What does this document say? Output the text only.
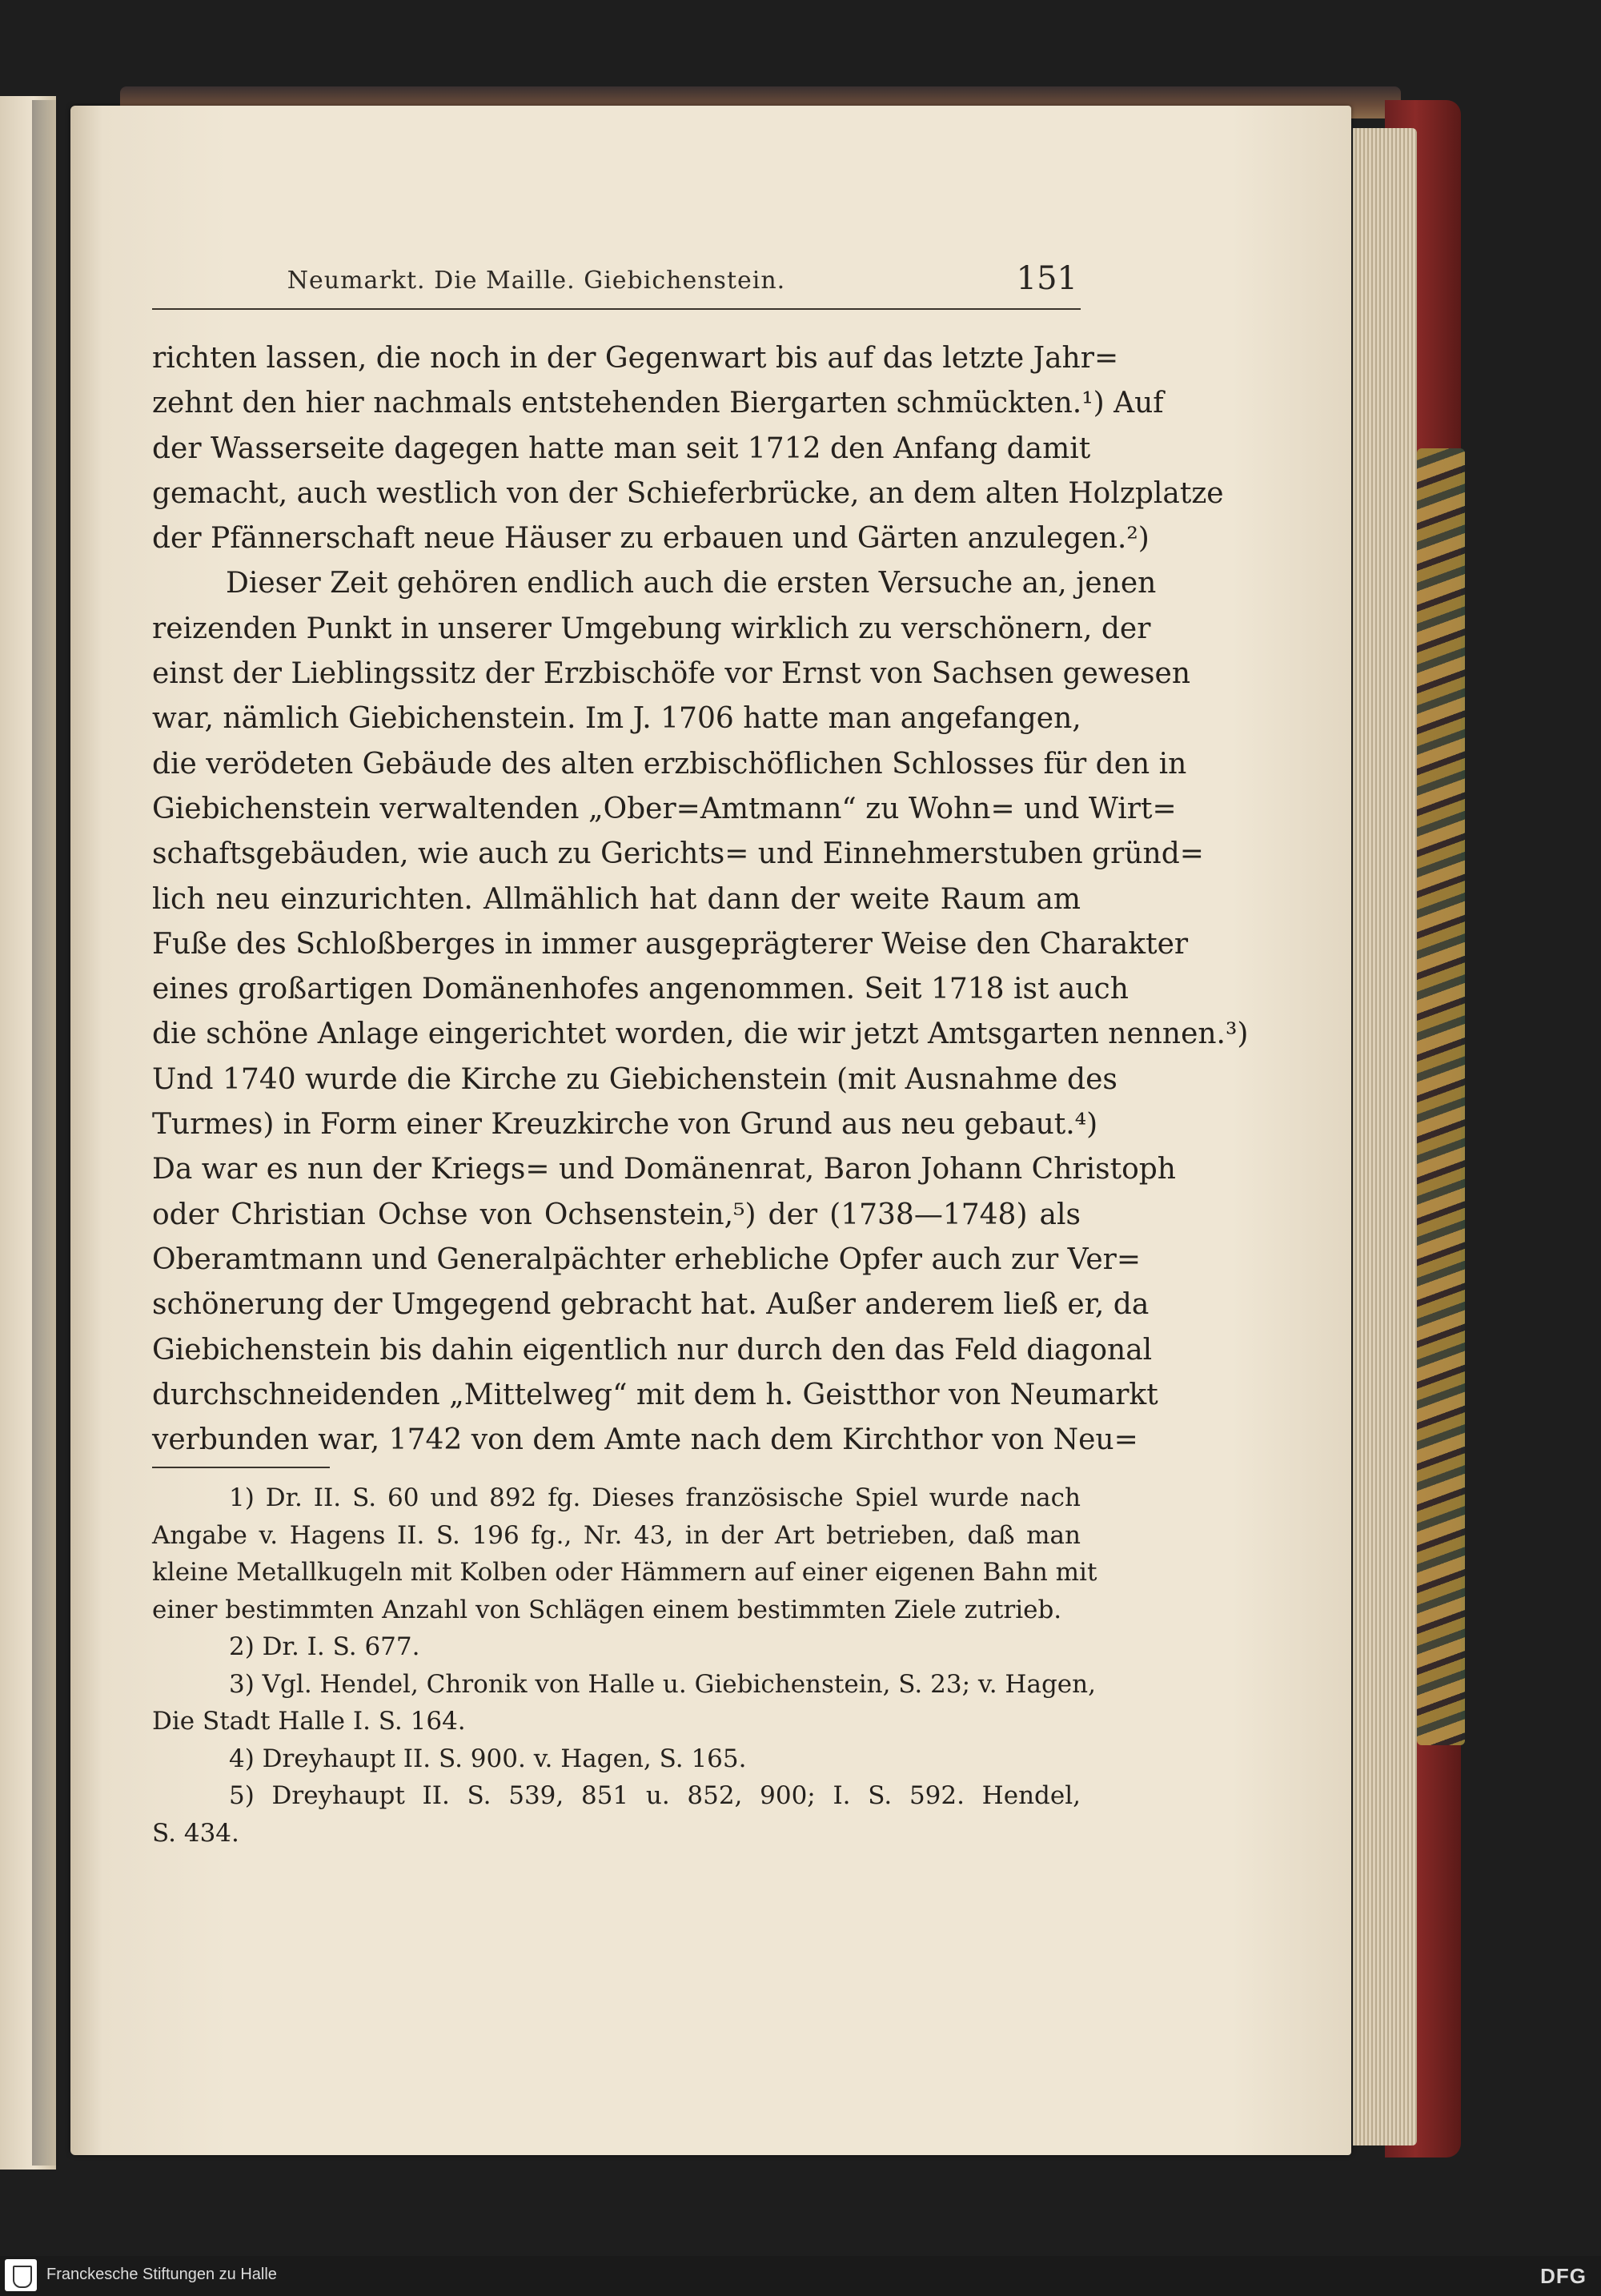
Neumarkt. Die Maille. Giebichenstein.	151
richten lassen, die noch in der Gegenwart bis auf das letzte Jahr=
zehnt den hier nachmals entstehenden Biergarten schmückten.¹) Auf
der Wasserseite dagegen hatte man seit 1712 den Anfang damit
gemacht, auch westlich von der Schieferbrücke, an dem alten Holzplatze
der Pfännerschaft neue Häuser zu erbauen und Gärten anzulegen.²)
Dieser Zeit gehören endlich auch die ersten Versuche an, jenen
reizenden Punkt in unserer Umgebung wirklich zu verschönern, der
einst der Lieblingssitz der Erzbischöfe vor Ernst von Sachsen gewesen
war, nämlich Giebichenstein. Im J. 1706 hatte man angefangen,
die verödeten Gebäude des alten erzbischöflichen Schlosses für den in
Giebichenstein verwaltenden „Ober=Amtmann“ zu Wohn= und Wirt=
schaftsgebäuden, wie auch zu Gerichts= und Einnehmerstuben gründ=
lich neu einzurichten. Allmählich hat dann der weite Raum am
Fuße des Schloßberges in immer ausgeprägterer Weise den Charakter
eines großartigen Domänenhofes angenommen. Seit 1718 ist auch
die schöne Anlage eingerichtet worden, die wir jetzt Amtsgarten nennen.³)
Und 1740 wurde die Kirche zu Giebichenstein (mit Ausnahme des
Turmes) in Form einer Kreuzkirche von Grund aus neu gebaut.⁴)
Da war es nun der Kriegs= und Domänenrat, Baron Johann Christoph
oder Christian Ochse von Ochsenstein,⁵) der (1738—1748) als
Oberamtmann und Generalpächter erhebliche Opfer auch zur Ver=
schönerung der Umgegend gebracht hat. Außer anderem ließ er, da
Giebichenstein bis dahin eigentlich nur durch den das Feld diagonal
durchschneidenden „Mittelweg“ mit dem h. Geistthor von Neumarkt
verbunden war, 1742 von dem Amte nach dem Kirchthor von Neu=
1) Dr. II. S. 60 und 892 fg. Dieses französische Spiel wurde nach
Angabe v. Hagens II. S. 196 fg., Nr. 43, in der Art betrieben, daß man
kleine Metallkugeln mit Kolben oder Hämmern auf einer eigenen Bahn mit
einer bestimmten Anzahl von Schlägen einem bestimmten Ziele zutrieb.
2) Dr. I. S. 677.
3) Vgl. Hendel, Chronik von Halle u. Giebichenstein, S. 23; v. Hagen,
Die Stadt Halle I. S. 164.
4) Dreyhaupt II. S. 900. v. Hagen, S. 165.
5) Dreyhaupt II. S. 539, 851 u. 852, 900; I. S. 592. Hendel,
S. 434.
Franckesche Stiftungen zu Halle	DFG
